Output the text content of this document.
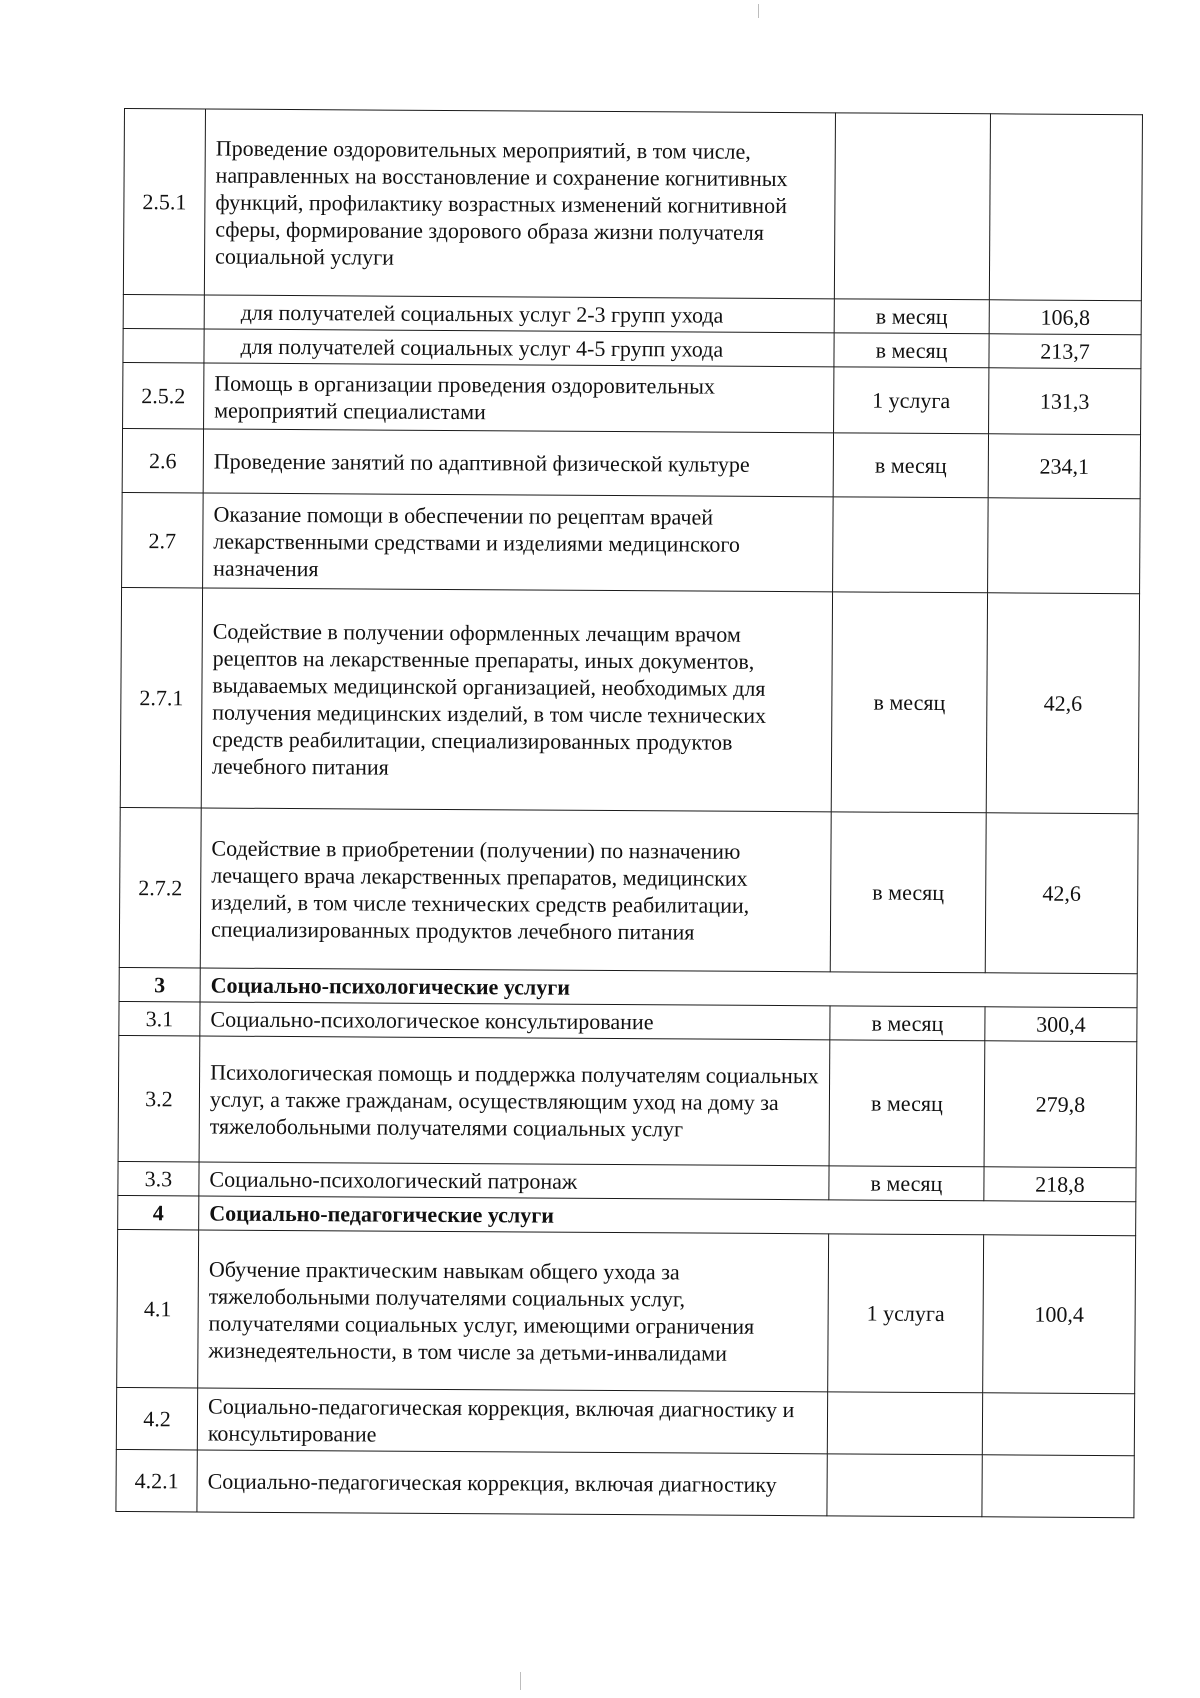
2.5.1	Проведение оздоровительных мероприятий, в том числе, направленных на восстановление и сохранение когнитивных функций, профилактику возрастных изменений когнитивной сферы, формирование здорового образа жизни получателя социальной услуги		
	для получателей социальных услуг 2-3 групп ухода	в месяц	106,8
	для получателей социальных услуг 4-5 групп ухода	в месяц	213,7
2.5.2	Помощь в организации проведения оздоровительных мероприятий специалистами	1 услуга	131,3
2.6	Проведение занятий по адаптивной физической культуре	в месяц	234,1
2.7	Оказание помощи в обеспечении по рецептам врачей лекарственными средствами и изделиями медицинского назначения		
2.7.1	Содействие в получении оформленных лечащим врачом рецептов на лекарственные препараты, иных документов, выдаваемых медицинской организацией, необходимых для получения медицинских изделий, в том числе технических средств реабилитации, специализированных продуктов лечебного питания	в месяц	42,6
2.7.2	Содействие в приобретении (получении) по назначению лечащего врача лекарственных препаратов, медицинских изделий, в том числе технических средств реабилитации, специализированных продуктов лечебного питания	в месяц	42,6
3	Социально-психологические услуги		
3.1	Социально-психологическое консультирование	в месяц	300,4
3.2	Психологическая помощь и поддержка получателям социальных услуг, а также гражданам, осуществляющим уход на дому за тяжелобольными получателями социальных услуг	в месяц	279,8
3.3	Социально-психологический патронаж	в месяц	218,8
4	Социально-педагогические услуги		
4.1	Обучение практическим навыкам общего ухода за тяжелобольными получателями социальных услуг, получателями социальных услуг, имеющими ограничения жизнедеятельности, в том числе за детьми-инвалидами	1 услуга	100,4
4.2	Социально-педагогическая коррекция, включая диагностику и консультирование		
4.2.1	Социально-педагогическая коррекция, включая диагностику		
